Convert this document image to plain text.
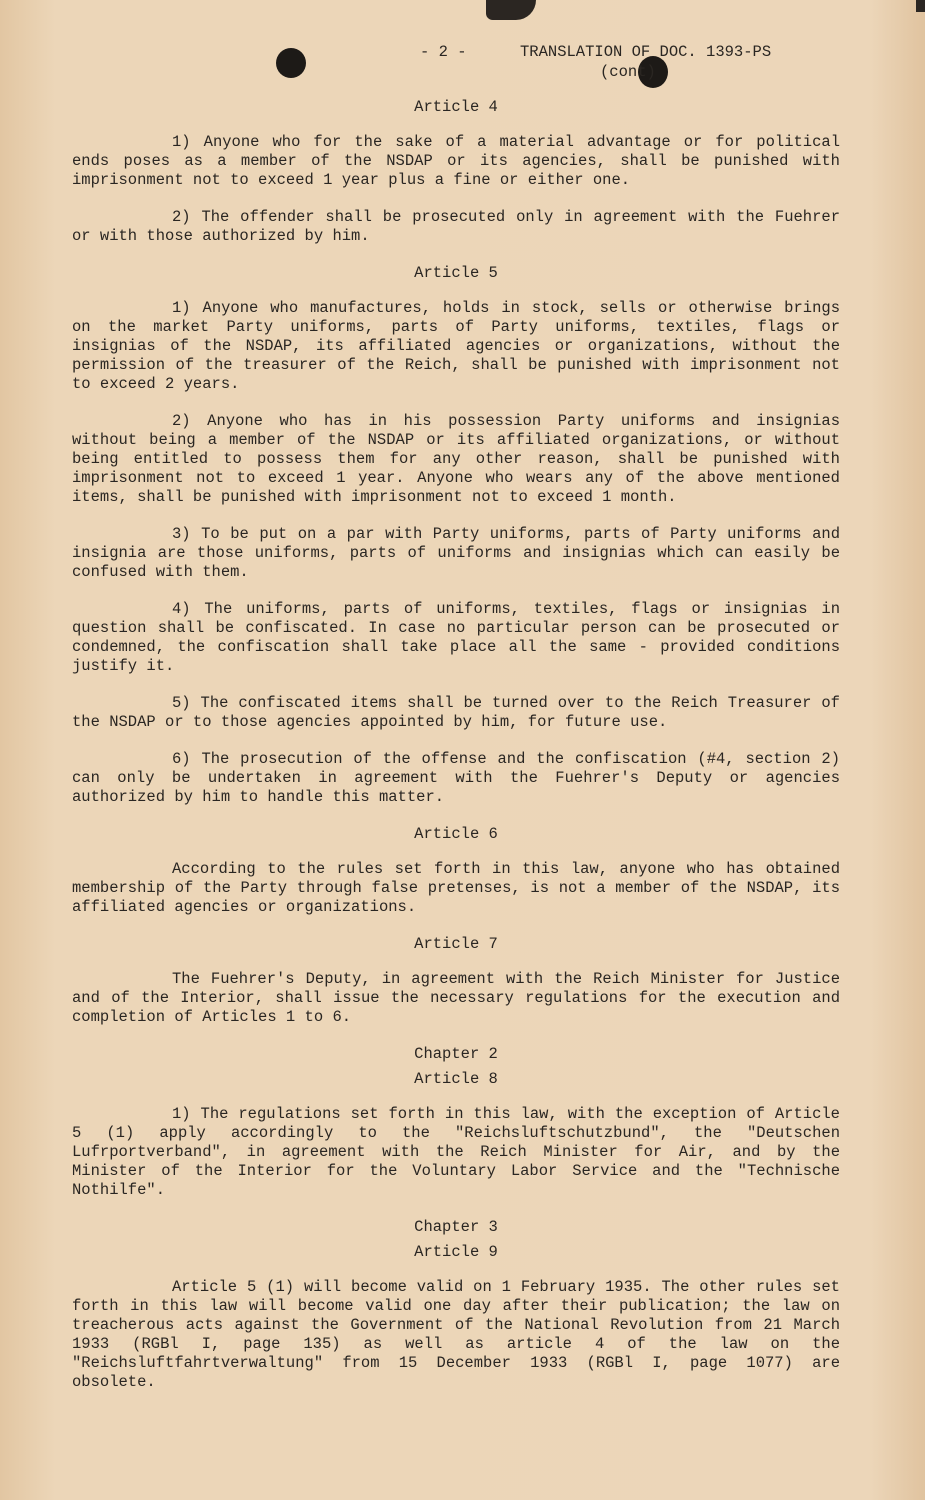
- 2 -

	TRANSLATION OF DOC. 1393-PS

(cont)

Article 4

1) Anyone who for the sake of a material advantage or for political ends poses as a member of the NSDAP or its agencies, shall be punished with imprisonment not to exceed 1 year plus a fine or either one.

2) The offender shall be prosecuted only in agreement with the Fuehrer or with those authorized by him.

Article 5

1) Anyone who manufactures, holds in stock, sells or otherwise brings on the market Party uniforms, parts of Party uniforms, textiles, flags or insignias of the NSDAP, its affiliated agencies or organizations, without the permission of the treasurer of the Reich, shall be punished with imprisonment not to exceed 2 years.

2) Anyone who has in his possession Party uniforms and insignias without being a member of the NSDAP or its affiliated organizations, or without being entitled to possess them for any other reason, shall be punished with imprisonment not to exceed 1 year. Anyone who wears any of the above mentioned items, shall be punished with imprisonment not to exceed 1 month.

3) To be put on a par with Party uniforms, parts of Party uniforms and insignia are those uniforms, parts of uniforms and insignias which can easily be confused with them.

4) The uniforms, parts of uniforms, textiles, flags or insignias in question shall be confiscated. In case no particular person can be prosecuted or condemned, the confiscation shall take place all the same - provided conditions justify it.

5) The confiscated items shall be turned over to the Reich Treasurer of the NSDAP or to those agencies appointed by him, for future use.

6) The prosecution of the offense and the confiscation (#4, section 2) can only be undertaken in agreement with the Fuehrer's Deputy or agencies authorized by him to handle this matter.

Article 6

According to the rules set forth in this law, anyone who has obtained membership of the Party through false pretenses, is not a member of the NSDAP, its affiliated agencies or organizations.

Article 7

The Fuehrer's Deputy, in agreement with the Reich Minister for Justice and of the Interior, shall issue the necessary regulations for the execution and completion of Articles 1 to 6.

Chapter 2
Article 8

1) The regulations set forth in this law, with the exception of Article 5 (1) apply accordingly to the "Reichsluftschutzbund", the "Deutschen Lufrportverband", in agreement with the Reich Minister for Air, and by the Minister of the Interior for the Voluntary Labor Service and the "Technische Nothilfe".

Chapter 3
Article 9

Article 5 (1) will become valid on 1 February 1935. The other rules set forth in this law will become valid one day after their publication; the law on treacherous acts against the Government of the National Revolution from 21 March 1933 (RGBl I, page 135) as well as article 4 of the law on the "Reichsluftfahrtverwaltung" from 15 December 1933 (RGBl I, page 1077) are obsolete.
